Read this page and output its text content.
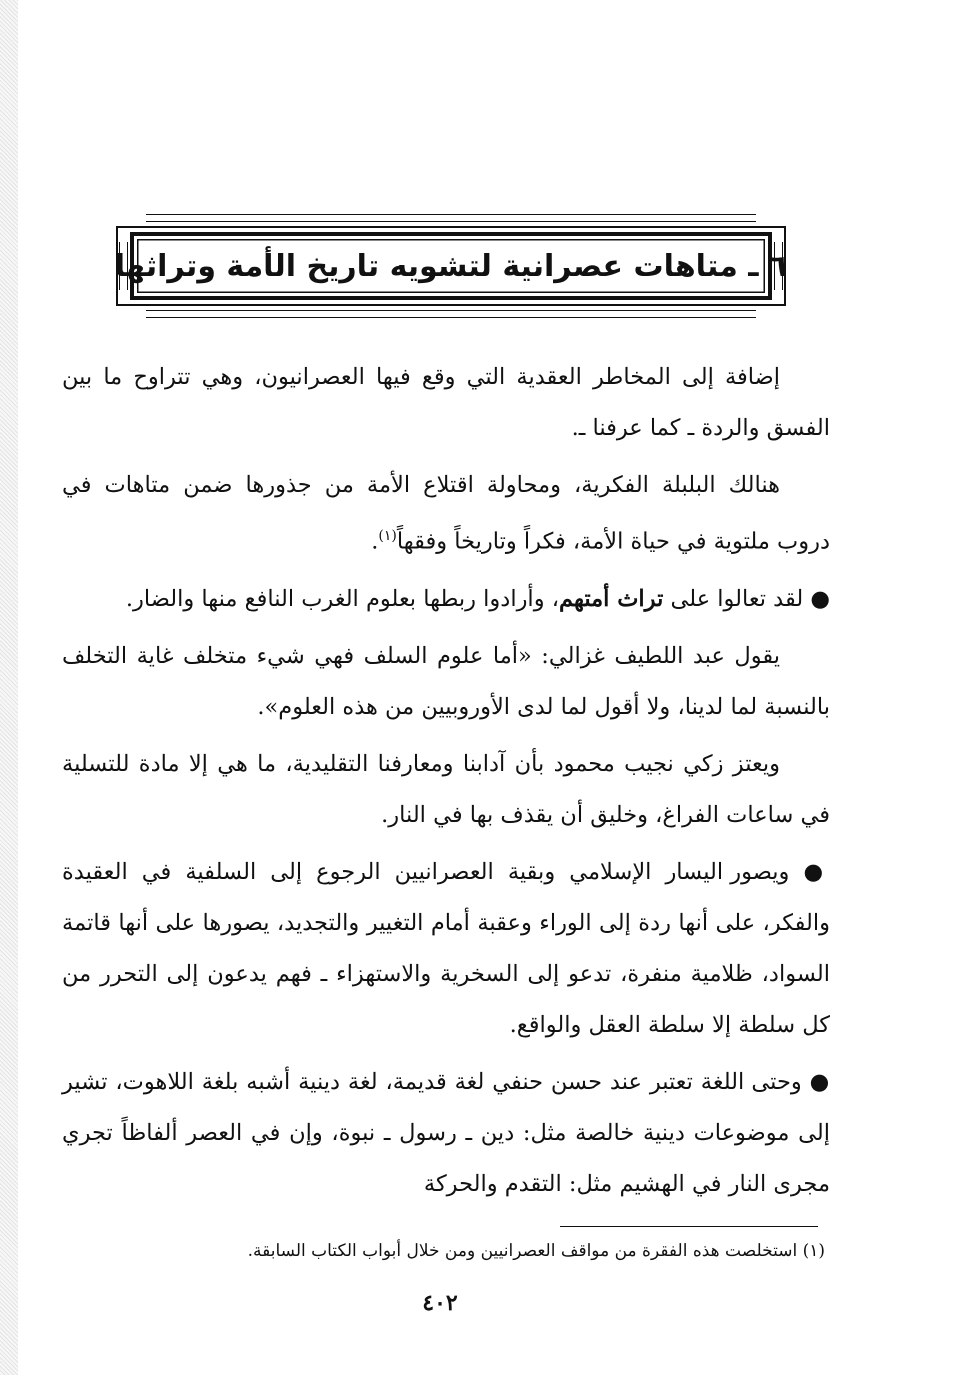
٦ ـ متاهات عصرانية لتشويه تاريخ الأمة وتراثها

إضافة إلى المخاطر العقدية التي وقع فيها العصرانيون، وهي تتراوح ما بين الفسق والردة ـ كما عرفنا ـ.

هنالك البلبلة الفكرية، ومحاولة اقتلاع الأمة من جذورها ضمن متاهات في دروب ملتوية في حياة الأمة، فكراً وتاريخاً وفقهاً$^{(١)}$.

● لقد تعالوا على تراث أمتهم، وأرادوا ربطها بعلوم الغرب النافع منها والضار.

يقول عبد اللطيف غزالي: «أما علوم السلف فهي شيء متخلف غاية التخلف بالنسبة لما لدينا، ولا أقول لما لدى الأوروبيين من هذه العلوم».

ويعتز زكي نجيب محمود بأن آدابنا ومعارفنا التقليدية، ما هي إلا مادة للتسلية في ساعات الفراغ، وخليق أن يقذف بها في النار.

● ويصور اليسار الإسلامي وبقية العصرانيين الرجوع إلى السلفية في العقيدة والفكر، على أنها ردة إلى الوراء وعقبة أمام التغيير والتجديد، يصورها على أنها قاتمة السواد، ظلامية منفرة، تدعو إلى السخرية والاستهزاء ـ فهم يدعون إلى التحرر من كل سلطة إلا سلطة العقل والواقع.

● وحتى اللغة تعتبر عند حسن حنفي لغة قديمة، لغة دينية أشبه بلغة اللاهوت، تشير إلى موضوعات دينية خالصة مثل: دين ـ رسول ـ نبوة، وإن في العصر ألفاظاً تجري مجرى النار في الهشيم مثل: التقدم والحركة

(١) استخلصت هذه الفقرة من مواقف العصرانيين ومن خلال أبواب الكتاب السابقة.
٤٠٢
